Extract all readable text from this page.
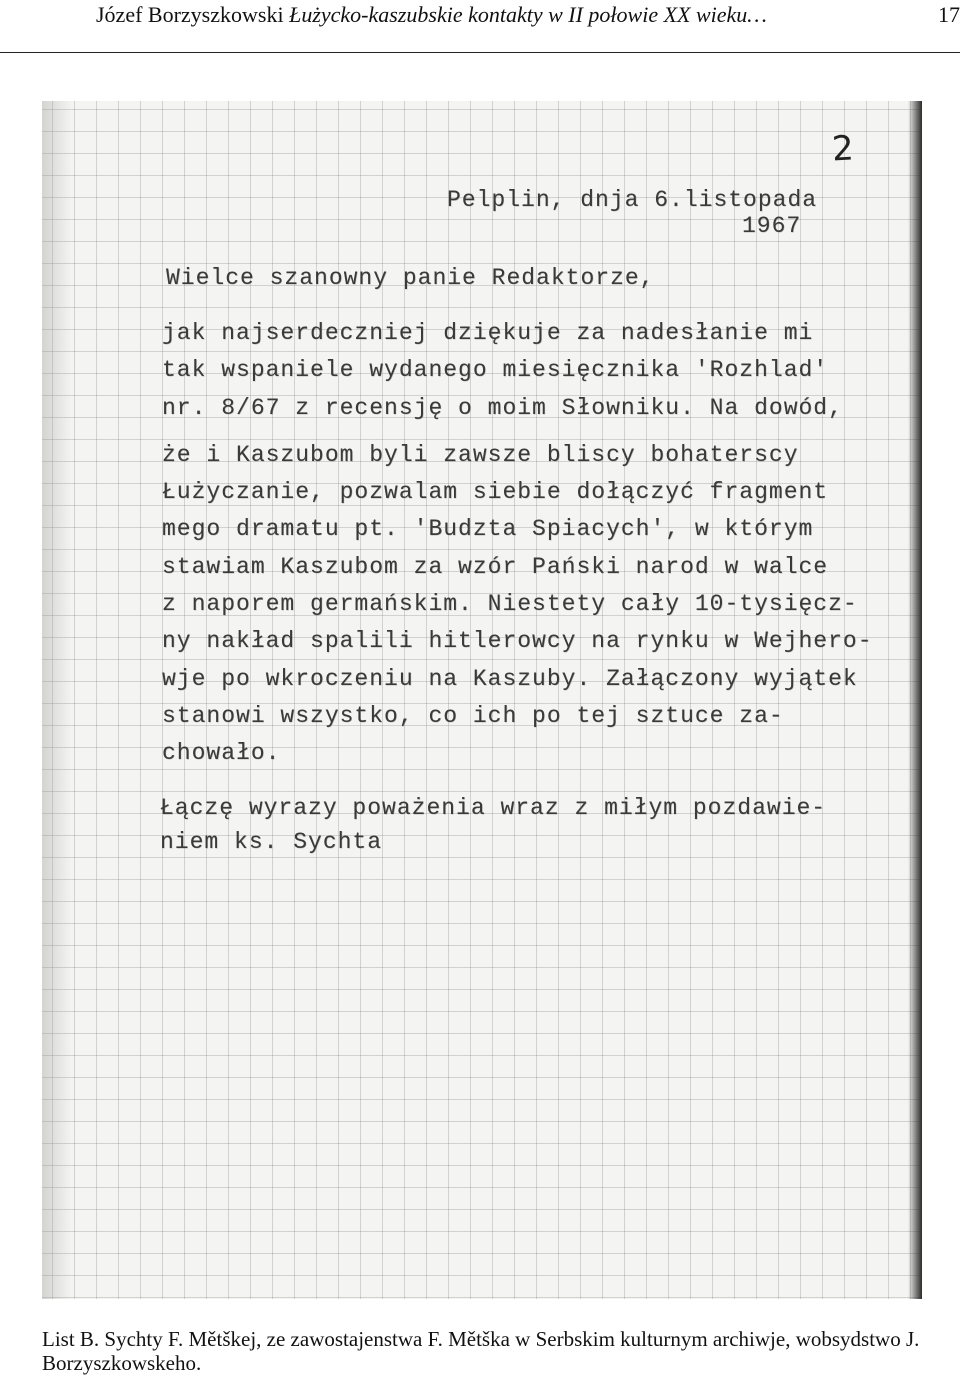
Józef Borzyszkowski Łużycko-kaszubskie kontakty w II połowie XX wieku…	17
2
Pelplin, dnja 6.listopada
1967
Wielce szanowny panie Redaktorze,
jak najserdeczniej dziękuje za nadesłanie mi
tak wspaniele wydanego miesięcznika 'Rozhlad'
nr. 8/67 z recensję o moim Słowniku. Na dowód,
że i Kaszubom byli zawsze bliscy bohaterscy
Łużyczanie, pozwalam siebie dołączyć fragment
mego dramatu pt. 'Budzta Spiacych', w którym
stawiam Kaszubom za wzór Pański narod w walce
z naporem germańskim. Niestety cały 10-tysięcz-
ny nakład spalili hitlerowcy na rynku w Wejhero-
wje po wkroczeniu na Kaszuby. Załączony wyjątek
stanowi wszystko, co ich po tej sztuce za-
chowało.
Łączę wyrazy poważenia wraz z miłym pozdawie-
niem ks. Sychta
List B. Sychty F. Mětškej, ze zawostajenstwa F. Mětška w Serbskim kulturnym archiwje, wobsydstwo J. Borzyszkowskeho.
